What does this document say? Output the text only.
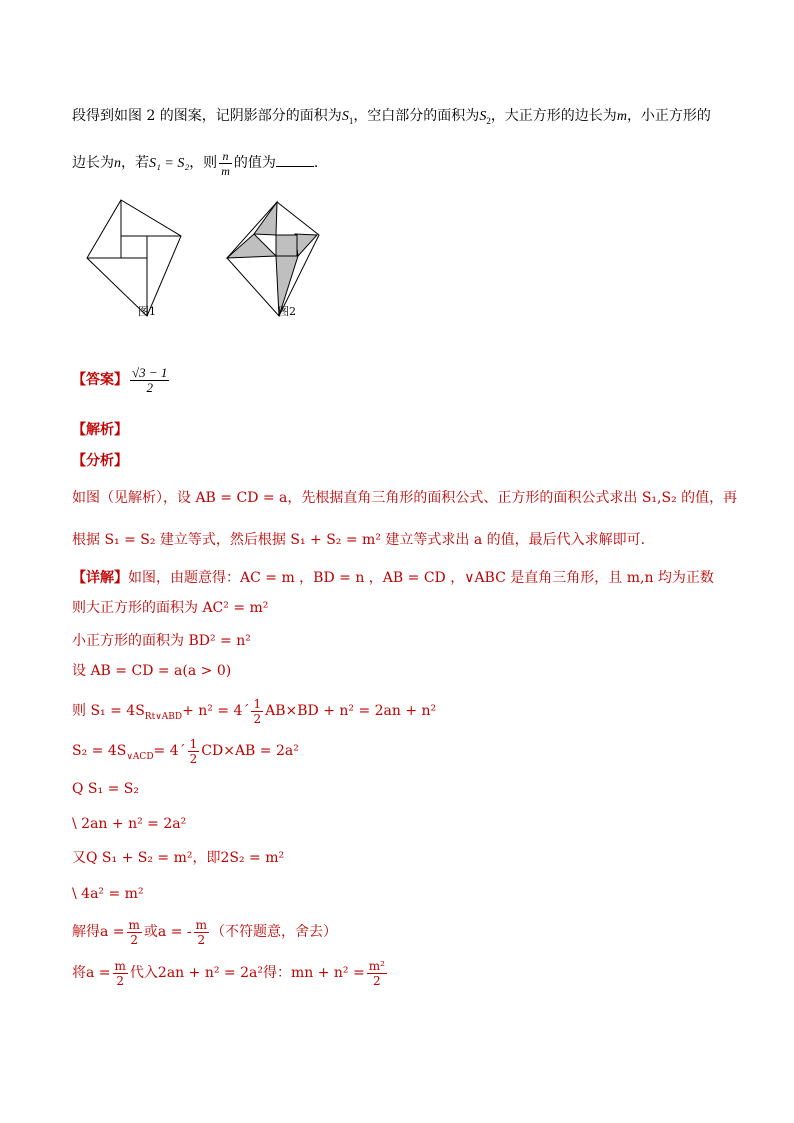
段得到如图 2 的图案，记阴影部分的面积为$S_1$，空白部分的面积为$S_2$，大正方形的边长为m，小正方形的
边长为n，若S₁ = S₂，则 $\frac{n}{m}$ 的值为	.
图1	图2
【答案】 $\frac{√3 - 1}{2}$
【解析】
【分析】
如图（见解析），设 AB = CD = a，先根据直角三角形的面积公式、正方形的面积公式求出 S₁,S₂ 的值，再
根据 S₁ = S₂ 建立等式，然后根据 S₁ + S₂ = m² 建立等式求出 a 的值，最后代入求解即可.
【详解】如图，由题意得：AC = m ，BD = n ，AB = CD ，∨ABC 是直角三角形，且 m,n 均为正数
则大正方形的面积为 AC² = m²
小正方形的面积为 BD² = n²
设 AB = CD = a(a > 0)
则 $S_1 = 4S_{Rt\vee ABD}+ n^2$ = 4´ $\frac{1}{2} AB\times BD + n^2 = 2an + n^2$
$S_2 = 4S_{\vee ACD}=$ 4´ $\frac{1}{2} CD\times AB = 2a^2$
Q S₁ = S₂
\ 2an + n² = 2a²
又Q S₁ + S₂ = m²，即2S₂ = m²
\ 4a² = m²
解得$a = \frac{m}{2}$ 或a = - $\frac{m}{2}$ （不符题意，舍去）
将$a = \frac{m}{2}$ 代入2an + n² = 2a²得：mn + $n^2 = \frac{\text{m²}}{2}$
